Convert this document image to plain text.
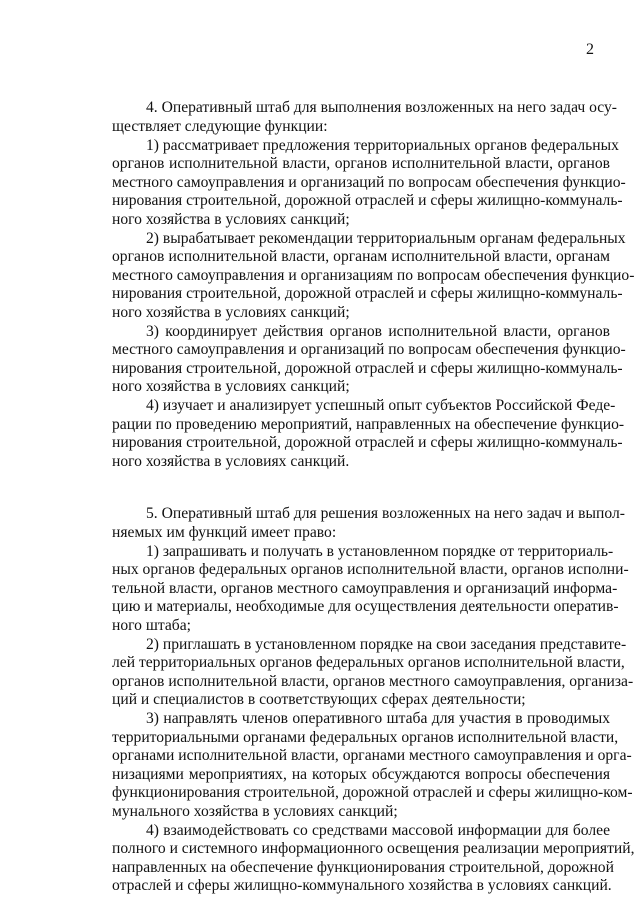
2
4. Оперативный штаб для выполнения возложенных на него задач осу-
ществляет следующие функции:
1) рассматривает предложения территориальных органов федеральных
органов исполнительной власти, органов исполнительной власти, органов
местного самоуправления и организаций по вопросам обеспечения функцио-
нирования строительной, дорожной отраслей и сферы жилищно-коммуналь-
ного хозяйства в условиях санкций;
2) вырабатывает рекомендации территориальным органам федеральных
органов исполнительной власти, органам исполнительной власти, органам
местного самоуправления и организациям по вопросам обеспечения функцио-
нирования строительной, дорожной отраслей и сферы жилищно-коммуналь-
ного хозяйства в условиях санкций;
3) координирует действия органов исполнительной власти, органов
местного самоуправления и организаций по вопросам обеспечения функцио-
нирования строительной, дорожной отраслей и сферы жилищно-коммуналь-
ного хозяйства в условиях санкций;
4) изучает и анализирует успешный опыт субъектов Российской Феде-
рации по проведению мероприятий, направленных на обеспечение функцио-
нирования строительной, дорожной отраслей и сферы жилищно-коммуналь-
ного хозяйства в условиях санкций.
5. Оперативный штаб для решения возложенных на него задач и выпол-
няемых им функций имеет право:
1) запрашивать и получать в установленном порядке от территориаль-
ных органов федеральных органов исполнительной власти, органов исполни-
тельной власти, органов местного самоуправления и организаций информа-
цию и материалы, необходимые для осуществления деятельности оператив-
ного штаба;
2) приглашать в установленном порядке на свои заседания представите-
лей территориальных органов федеральных органов исполнительной власти,
органов исполнительной власти, органов местного самоуправления, организа-
ций и специалистов в соответствующих сферах деятельности;
3) направлять членов оперативного штаба для участия в проводимых
территориальными органами федеральных органов исполнительной власти,
органами исполнительной власти, органами местного самоуправления и орга-
низациями мероприятиях, на которых обсуждаются вопросы обеспечения
функционирования строительной, дорожной отраслей и сферы жилищно-ком-
мунального хозяйства в условиях санкций;
4) взаимодействовать со средствами массовой информации для более
полного и системного информационного освещения реализации мероприятий,
направленных на обеспечение функционирования строительной, дорожной
отраслей и сферы жилищно-коммунального хозяйства в условиях санкций.
